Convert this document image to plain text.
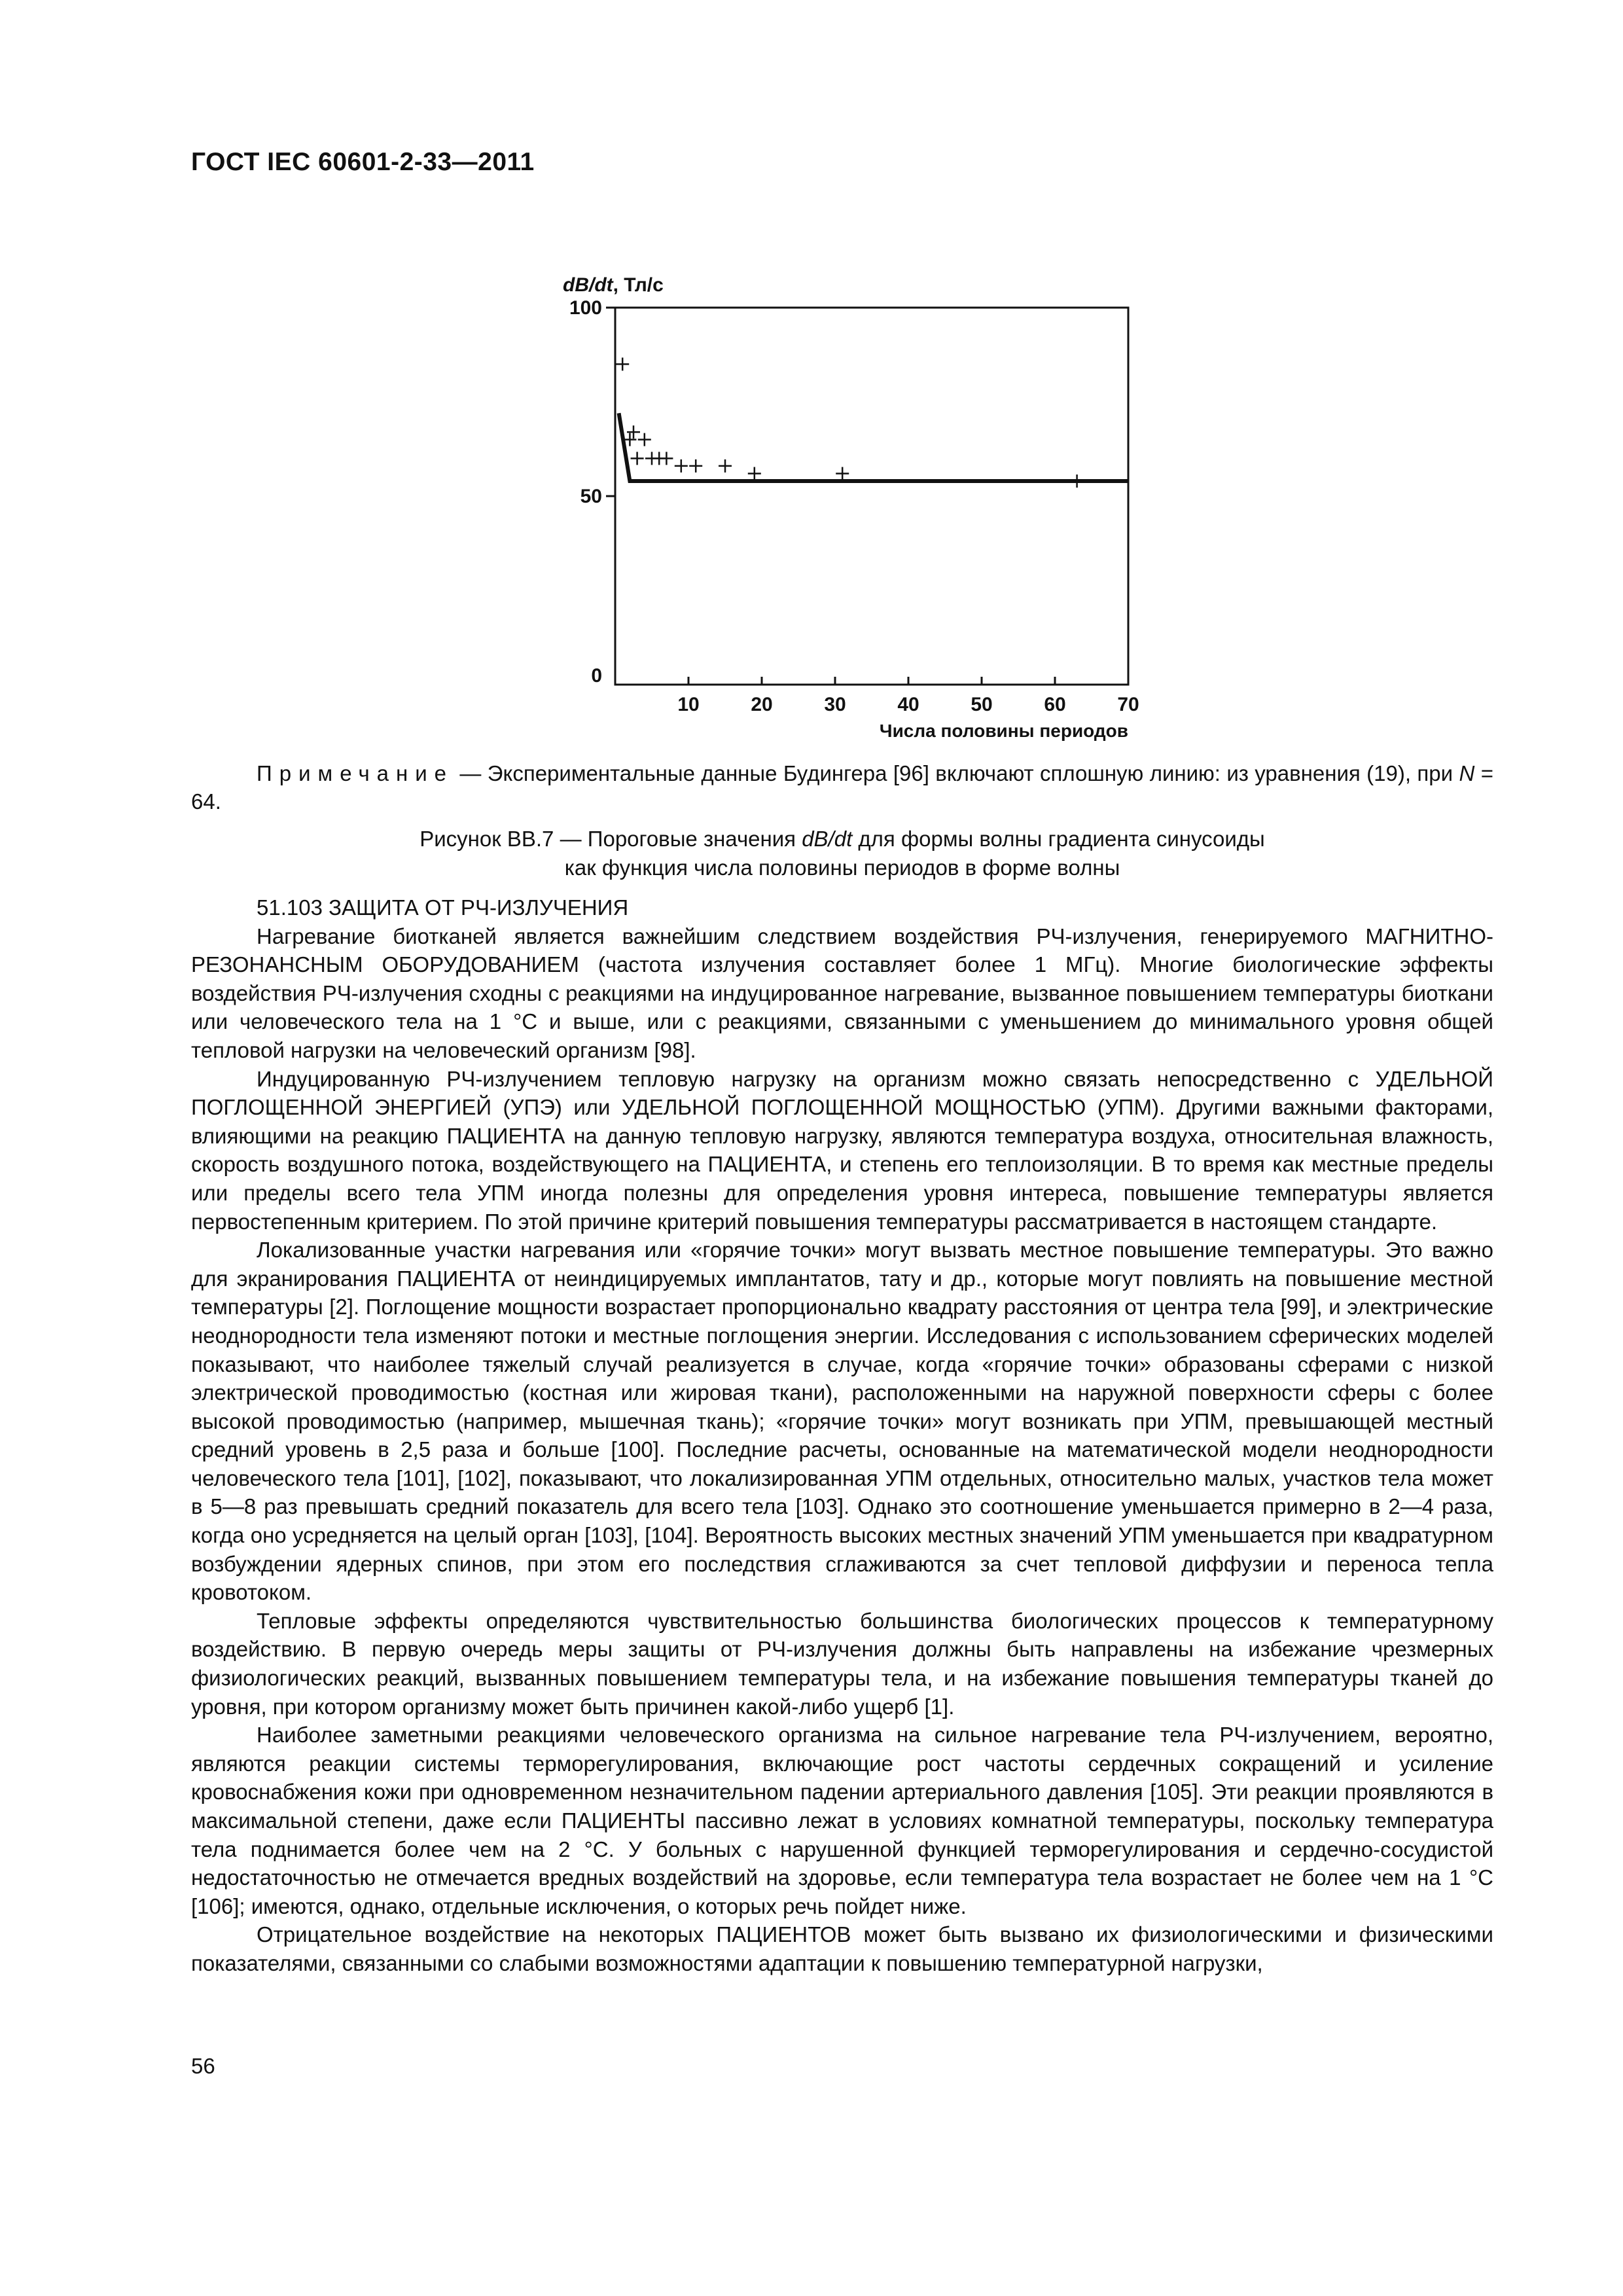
ГОСТ IEC 60601-2-33—2011
dB/dt, Тл/с
0
50
100
10	20	30	40	50	60	70
Числа половины периодов
Примечание — Экспериментальные данные Будингера [96] включают сплошную линию: из уравнения (19), при N = 64.
Рисунок ВВ.7 — Пороговые значения dB/dt для формы волны градиента синусоиды
как функция числа половины периодов в форме волны

51.103 ЗАЩИТА ОТ РЧ-ИЗЛУЧЕНИЯ

Нагревание биотканей является важнейшим следствием воздействия РЧ-излучения, генерируемого МАГНИТНО-РЕЗОНАНСНЫМ ОБОРУДОВАНИЕМ (частота излучения составляет более 1 МГц). Многие биологические эффекты воздействия РЧ-излучения сходны с реакциями на индуцированное нагревание, вызванное повышением температуры биоткани или человеческого тела на 1 °C и выше, или с реакциями, связанными с уменьшением до минимального уровня общей тепловой нагрузки на человеческий организм [98].

Индуцированную РЧ-излучением тепловую нагрузку на организм можно связать непосредственно с УДЕЛЬНОЙ ПОГЛОЩЕННОЙ ЭНЕРГИЕЙ (УПЭ) или УДЕЛЬНОЙ ПОГЛОЩЕННОЙ МОЩНОСТЬЮ (УПМ). Другими важными факторами, влияющими на реакцию ПАЦИЕНТА на данную тепловую нагрузку, являются температура воздуха, относительная влажность, скорость воздушного потока, воздействующего на ПАЦИЕНТА, и степень его теплоизоляции. В то время как местные пределы или пределы всего тела УПМ иногда полезны для определения уровня интереса, повышение температуры является первостепенным критерием. По этой причине критерий повышения температуры рассматривается в настоящем стандарте.

Локализованные участки нагревания или «горячие точки» могут вызвать местное повышение температуры. Это важно для экранирования ПАЦИЕНТА от неиндицируемых имплантатов, тату и др., которые могут повлиять на повышение местной температуры [2]. Поглощение мощности возрастает пропорционально квадрату расстояния от центра тела [99], и электрические неоднородности тела изменяют потоки и местные поглощения энергии. Исследования с использованием сферических моделей показывают, что наиболее тяжелый случай реализуется в случае, когда «горячие точки» образованы сферами с низкой электрической проводимостью (костная или жировая ткани), расположенными на наружной поверхности сферы с более высокой проводимостью (например, мышечная ткань); «горячие точки» могут возникать при УПМ, превышающей местный средний уровень в 2,5 раза и больше [100]. Последние расчеты, основанные на математической модели неоднородности человеческого тела [101], [102], показывают, что локализированная УПМ отдельных, относительно малых, участков тела может в 5—8 раз превышать средний показатель для всего тела [103]. Однако это соотношение уменьшается примерно в 2—4 раза, когда оно усредняется на целый орган [103], [104]. Вероятность высоких местных значений УПМ уменьшается при квадратурном возбуждении ядерных спинов, при этом его последствия сглаживаются за счет тепловой диффузии и переноса тепла кровотоком.

Тепловые эффекты определяются чувствительностью большинства биологических процессов к температурному воздействию. В первую очередь меры защиты от РЧ-излучения должны быть направлены на избежание чрезмерных физиологических реакций, вызванных повышением температуры тела, и на избежание повышения температуры тканей до уровня, при котором организму может быть причинен какой-либо ущерб [1].

Наиболее заметными реакциями человеческого организма на сильное нагревание тела РЧ-излучением, вероятно, являются реакции системы терморегулирования, включающие рост частоты сердечных сокращений и усиление кровоснабжения кожи при одновременном незначительном падении артериального давления [105]. Эти реакции проявляются в максимальной степени, даже если ПАЦИЕНТЫ пассивно лежат в условиях комнатной температуры, поскольку температура тела поднимается более чем на 2 °C. У больных с нарушенной функцией терморегулирования и сердечно-сосудистой недостаточностью не отмечается вредных воздействий на здоровье, если температура тела возрастает не более чем на 1 °C [106]; имеются, однако, отдельные исключения, о которых речь пойдет ниже.

Отрицательное воздействие на некоторых ПАЦИЕНТОВ может быть вызвано их физиологическими и физическими показателями, связанными со слабыми возможностями адаптации к повышению температурной нагрузки,

56
